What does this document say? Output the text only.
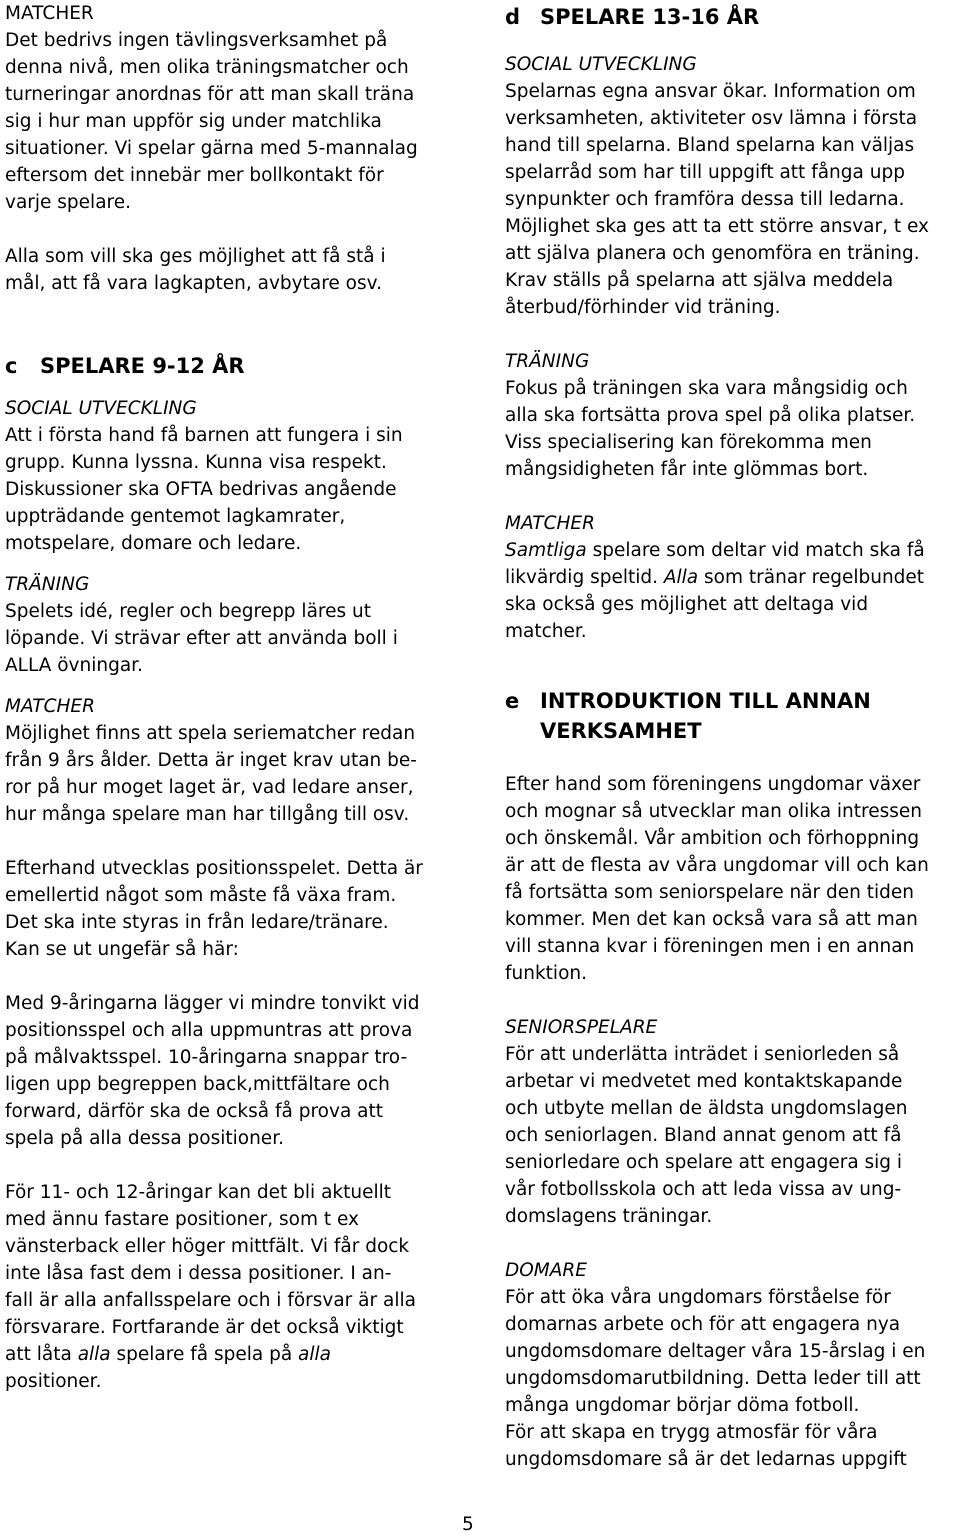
MATCHER

Det bedrivs ingen tävlingsverksamhet på

denna nivå, men olika träningsmatcher och

turneringar anordnas för att man skall träna

sig i hur man uppför sig under matchlika

situationer. Vi spelar gärna med 5-mannalag

eftersom det innebär mer bollkontakt för

varje spelare.

Alla som vill ska ges möjlighet att få stå i

mål, att få vara lagkapten, avbytare osv.

c SPELARE 9-12 ÅR

SOCIAL UTVECKLING

Att i första hand få barnen att fungera i sin

grupp. Kunna lyssna. Kunna visa respekt.

Diskussioner ska OFTA bedrivas angående

uppträdande gentemot lagkamrater,

motspelare, domare och ledare.

TRÄNING

Spelets idé, regler och begrepp läres ut

löpande. Vi strävar efter att använda boll i

ALLA övningar.

MATCHER

Möjlighet finns att spela seriematcher redan

från 9 års ålder. Detta är inget krav utan be-

ror på hur moget laget är, vad ledare anser,

hur många spelare man har tillgång till osv.

Efterhand utvecklas positionsspelet. Detta är

emellertid något som måste få växa fram.

Det ska inte styras in från ledare/tränare.

Kan se ut ungefär så här:

Med 9-åringarna lägger vi mindre tonvikt vid

positionsspel och alla uppmuntras att prova

på målvaktsspel. 10-åringarna snappar tro-

ligen upp begreppen back,mittfältare och

forward, därför ska de också få prova att

spela på alla dessa positioner.

För 11- och 12-åringar kan det bli aktuellt

med ännu fastare positioner, som t ex

vänsterback eller höger mittfält. Vi får dock

inte låsa fast dem i dessa positioner. I an-

fall är alla anfallsspelare och i försvar är alla

försvarare. Fortfarande är det också viktigt

att låta alla spelare få spela på alla

positioner.

d SPELARE 13-16 ÅR

SOCIAL UTVECKLING

Spelarnas egna ansvar ökar. Information om

verksamheten, aktiviteter osv lämna i första

hand till spelarna. Bland spelarna kan väljas

spelarråd som har till uppgift att fånga upp

synpunkter och framföra dessa till ledarna.

Möjlighet ska ges att ta ett större ansvar, t ex

att själva planera och genomföra en träning.

Krav ställs på spelarna att själva meddela

återbud/förhinder vid träning.

TRÄNING

Fokus på träningen ska vara mångsidig och

alla ska fortsätta prova spel på olika platser.

Viss specialisering kan förekomma men

mångsidigheten får inte glömmas bort.

MATCHER

Samtliga spelare som deltar vid match ska få

likvärdig speltid. Alla som tränar regelbundet

ska också ges möjlighet att deltaga vid

matcher.

e INTRODUKTION TILL ANNAN
VERKSAMHET

Efter hand som föreningens ungdomar växer

och mognar så utvecklar man olika intressen

och önskemål. Vår ambition och förhoppning

är att de flesta av våra ungdomar vill och kan

få fortsätta som seniorspelare när den tiden

kommer. Men det kan också vara så att man

vill stanna kvar i föreningen men i en annan

funktion.

SENIORSPELARE

För att underlätta inträdet i seniorleden så

arbetar vi medvetet med kontaktskapande

och utbyte mellan de äldsta ungdomslagen

och seniorlagen. Bland annat genom att få

seniorledare och spelare att engagera sig i

vår fotbollsskola och att leda vissa av ung-

domslagens träningar.

DOMARE

För att öka våra ungdomars förståelse för

domarnas arbete och för att engagera nya

ungdomsdomare deltager våra 15-årslag i en

ungdomsdomarutbildning. Detta leder till att

många ungdomar börjar döma fotboll.

För att skapa en trygg atmosfär för våra

ungdomsdomare så är det ledarnas uppgift

5
